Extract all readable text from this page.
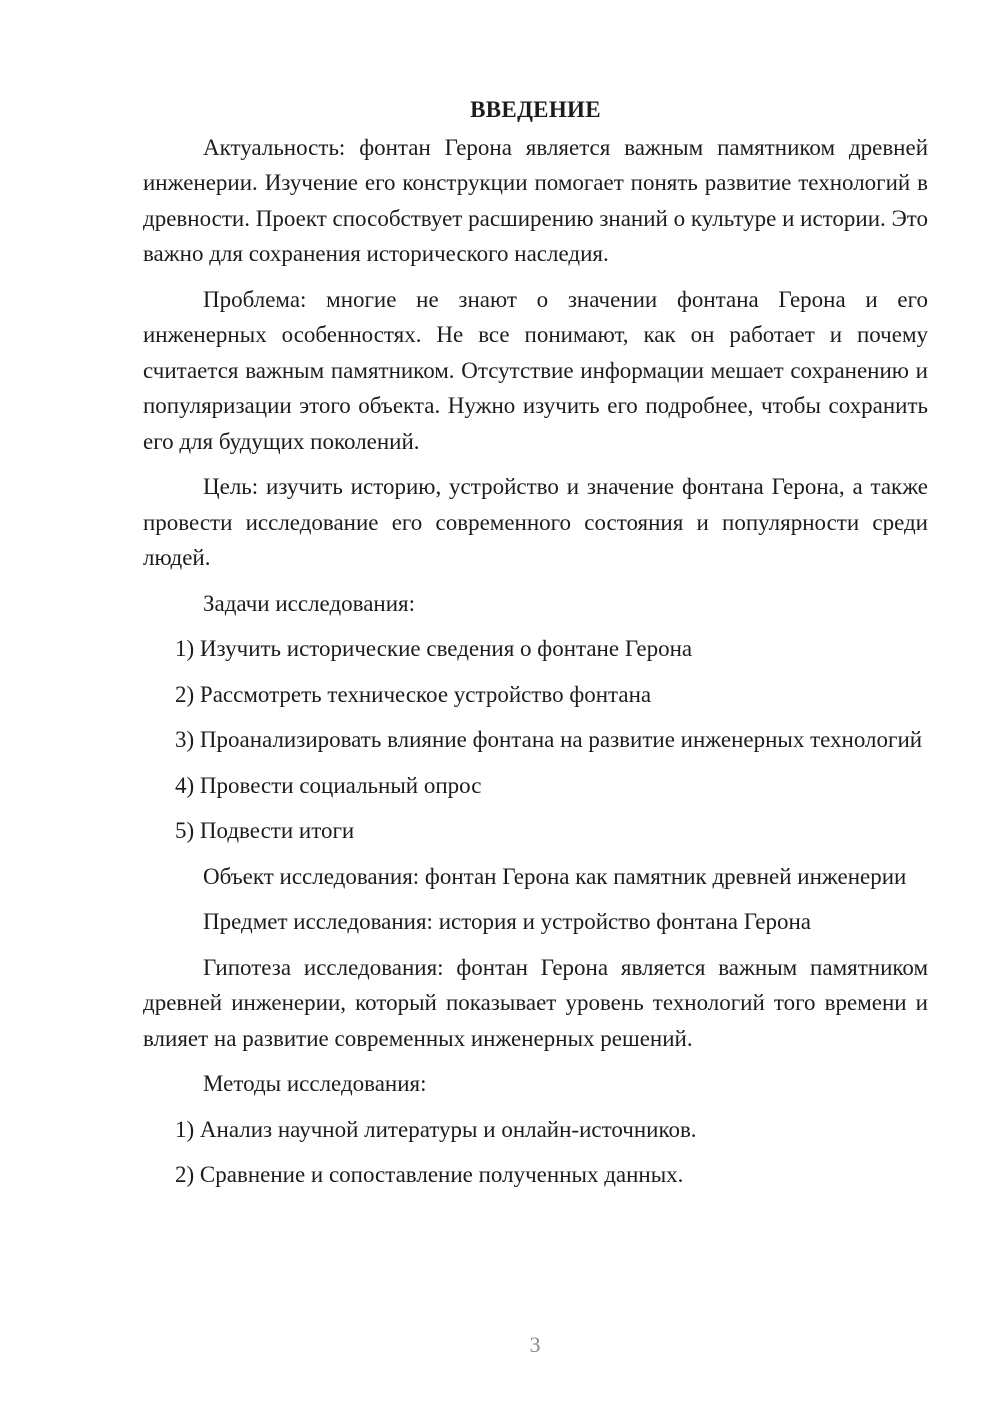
ВВЕДЕНИЕ

Актуальность: фонтан Герона является важным памятником древней инженерии. Изучение его конструкции помогает понять развитие технологий в древности. Проект способствует расширению знаний о культуре и истории. Это важно для сохранения исторического наследия.

Проблема: многие не знают о значении фонтана Герона и его инженерных особенностях. Не все понимают, как он работает и почему считается важным памятником. Отсутствие информации мешает сохранению и популяризации этого объекта. Нужно изучить его подробнее, чтобы сохранить его для будущих поколений.

Цель: изучить историю, устройство и значение фонтана Герона, а также провести исследование его современного состояния и популярности среди людей.

Задачи исследования:

1) Изучить исторические сведения о фонтане Герона

2) Рассмотреть техническое устройство фонтана

3) Проанализировать влияние фонтана на развитие инженерных технологий

4) Провести социальный опрос

5) Подвести итоги

Объект исследования: фонтан Герона как памятник древней инженерии

Предмет исследования: история и устройство фонтана Герона

Гипотеза исследования: фонтан Герона является важным памятником древней инженерии, который показывает уровень технологий того времени и влияет на развитие современных инженерных решений.

Методы исследования:

1) Анализ научной литературы и онлайн-источников.

2) Сравнение и сопоставление полученных данных.

3
